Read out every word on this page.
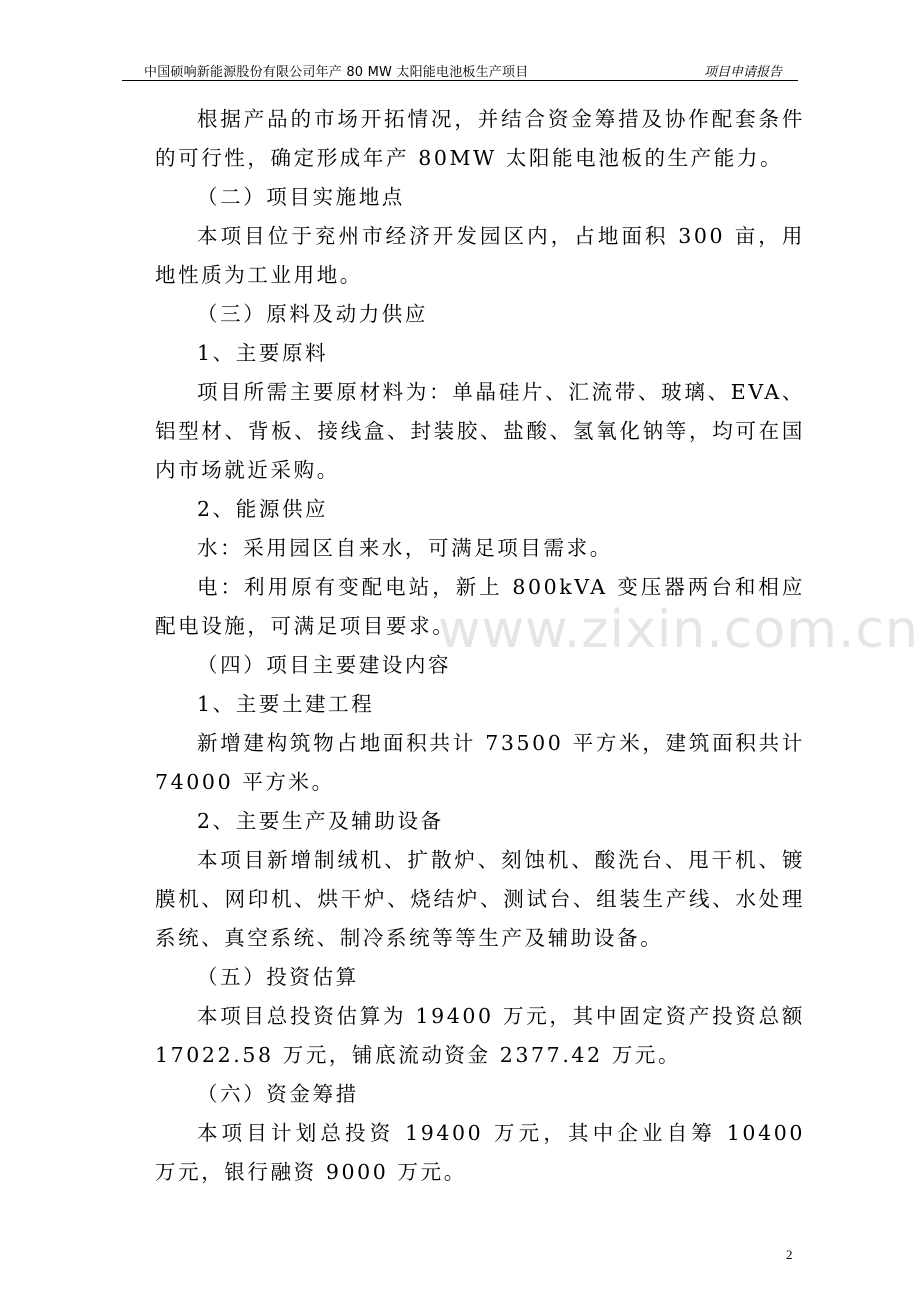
中国硕响新能源股份有限公司年产 80 MW 太阳能电池板生产项目	项目申请报告

根据产品的市场开拓情况，并结合资金筹措及协作配套条件的可行性，确定形成年产 80MW 太阳能电池板的生产能力。

（二）项目实施地点

本项目位于兖州市经济开发园区内，占地面积 300 亩，用地性质为工业用地。

（三）原料及动力供应

1、主要原料

项目所需主要原材料为：单晶硅片、汇流带、玻璃、EVA、铝型材、背板、接线盒、封装胶、盐酸、氢氧化钠等，均可在国内市场就近采购。

2、能源供应

水：采用园区自来水，可满足项目需求。

电：利用原有变配电站，新上 800kVA 变压器两台和相应配电设施，可满足项目要求。

（四）项目主要建设内容

1、主要土建工程

新增建构筑物占地面积共计 73500 平方米，建筑面积共计 74000 平方米。

2、主要生产及辅助设备

本项目新增制绒机、扩散炉、刻蚀机、酸洗台、甩干机、镀膜机、网印机、烘干炉、烧结炉、测试台、组装生产线、水处理系统、真空系统、制冷系统等等生产及辅助设备。

（五）投资估算

本项目总投资估算为 19400 万元，其中固定资产投资总额 17022.58 万元，铺底流动资金 2377.42 万元。

（六）资金筹措

本项目计划总投资 19400 万元，其中企业自筹 10400 万元，银行融资 9000 万元。

www.zixin.com.cn
2
